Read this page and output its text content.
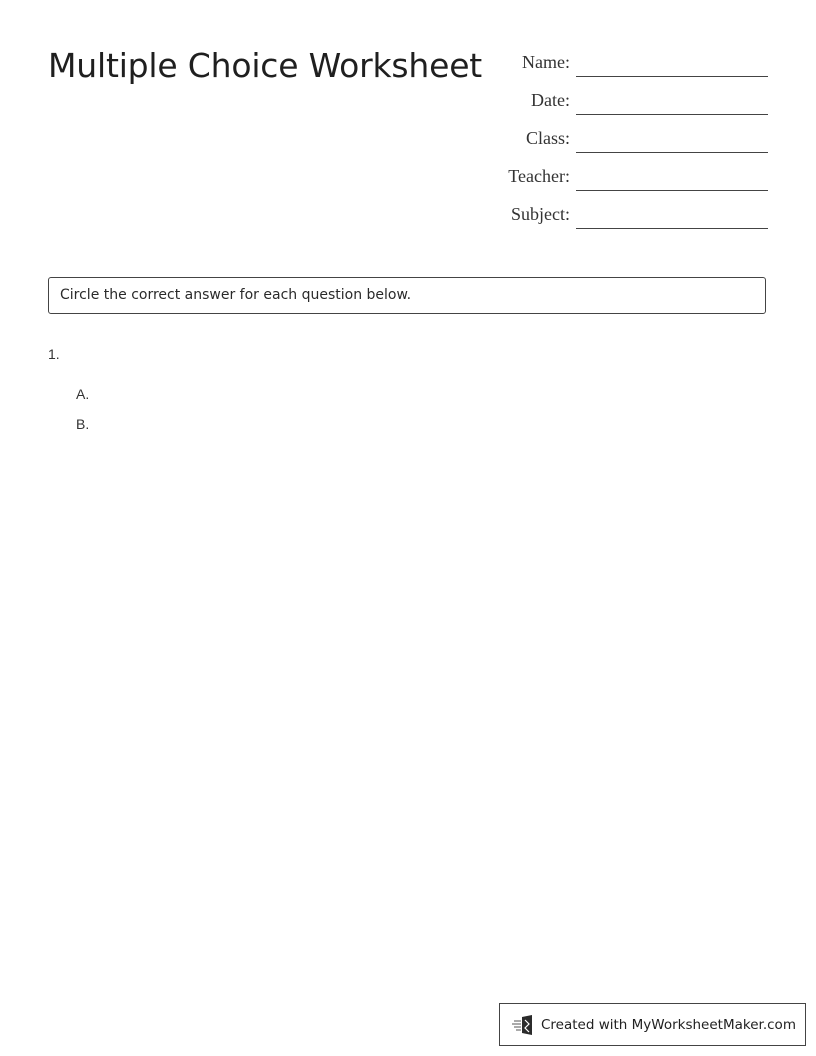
Multiple Choice Worksheet Name:
Date:
Class:
Teacher:
Subject:
Circle the correct answer for each question below.
1.
A.
B.
Created with MyWorksheetMaker.com
